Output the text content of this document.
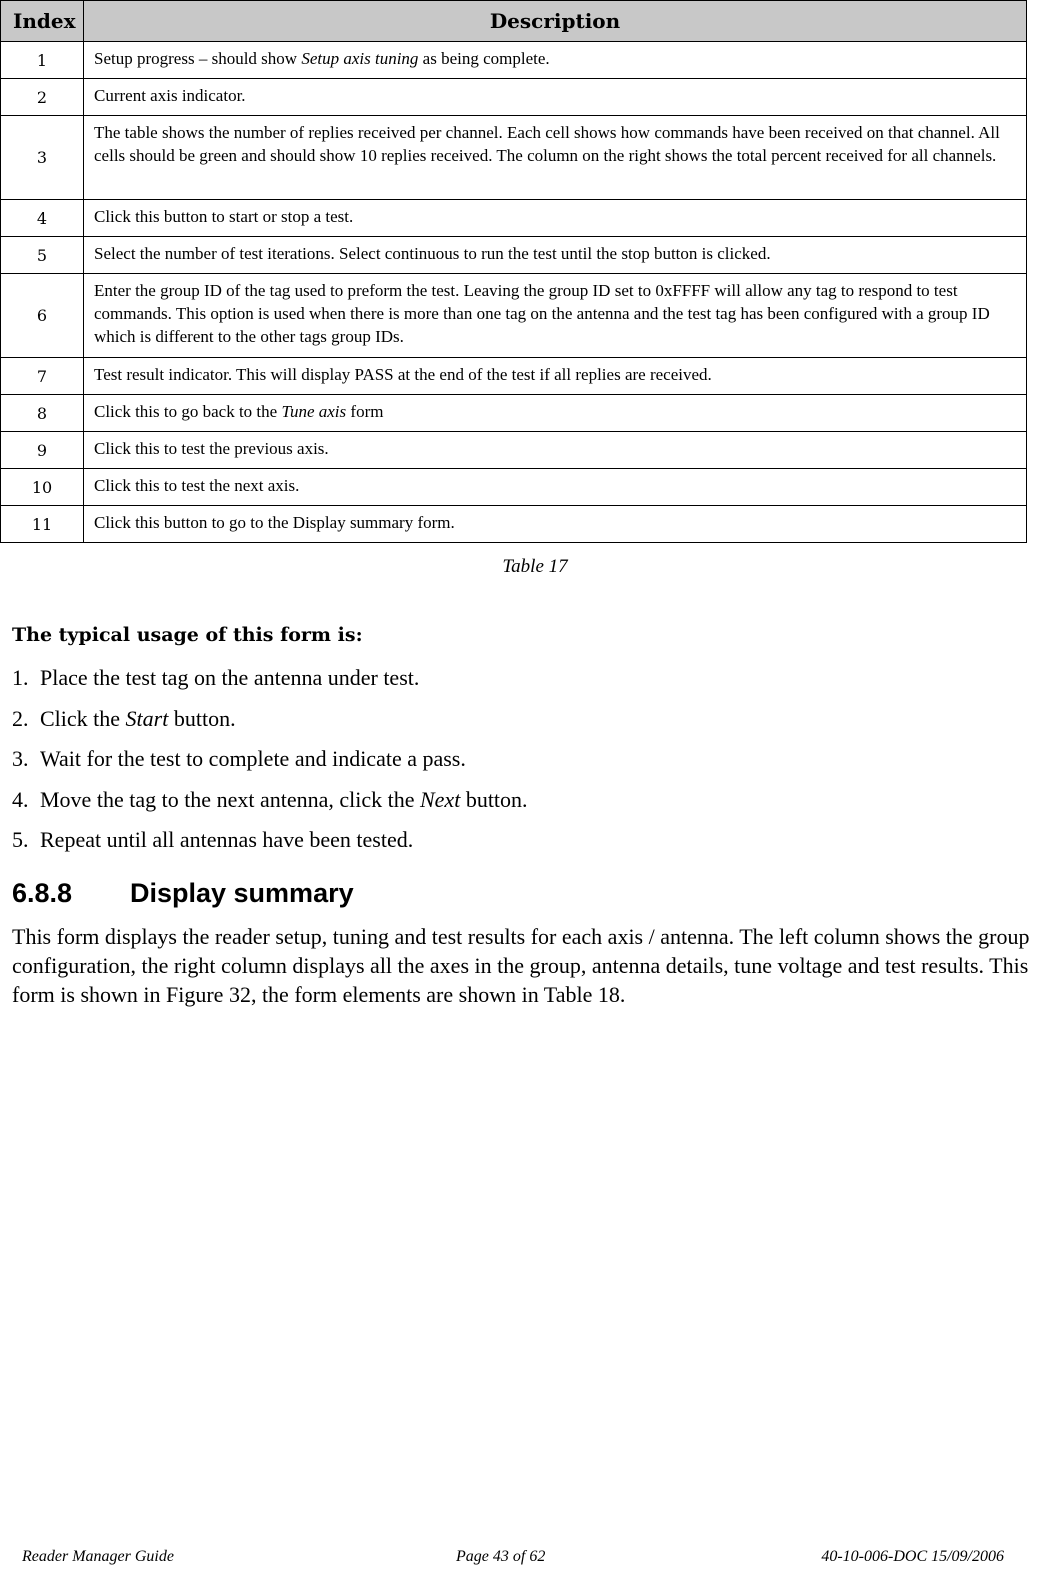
Index	Description
1	Setup progress – should show Setup axis tuning as being complete.
2	Current axis indicator.
3	The table shows the number of replies received per channel. Each cell shows how commands have been received on that channel. All cells should be green and should show 10 replies received. The column on the right shows the total percent received for all channels.
4	Click this button to start or stop a test.
5	Select the number of test iterations. Select continuous to run the test until the stop button is clicked.
6	Enter the group ID of the tag used to preform the test. Leaving the group ID set to 0xFFFF will allow any tag to respond to test commands. This option is used when there is more than one tag on the antenna and the test tag has been configured with a group ID which is different to the other tags group IDs.
7	Test result indicator. This will display PASS at the end of the test if all replies are received.
8	Click this to go back to the Tune axis form
9	Click this to test the previous axis.
10	Click this to test the next axis.
11	Click this button to go to the Display summary form.
Table 17
The typical usage of this form is:
1. Place the test tag on the antenna under test.
2. Click the Start button.
3. Wait for the test to complete and indicate a pass.
4. Move the tag to the next antenna, click the Next button.
5. Repeat until all antennas have been tested.
6.8.8 Display summary

This form displays the reader setup, tuning and test results for each axis / antenna. The left column shows the group configuration, the right column displays all the axes in the group, antenna details, tune voltage and test results. This form is shown in Figure 32, the form elements are shown in Table 18.

Reader Manager Guide	Page 43 of 62	40-10-006-DOC 15/09/2006
